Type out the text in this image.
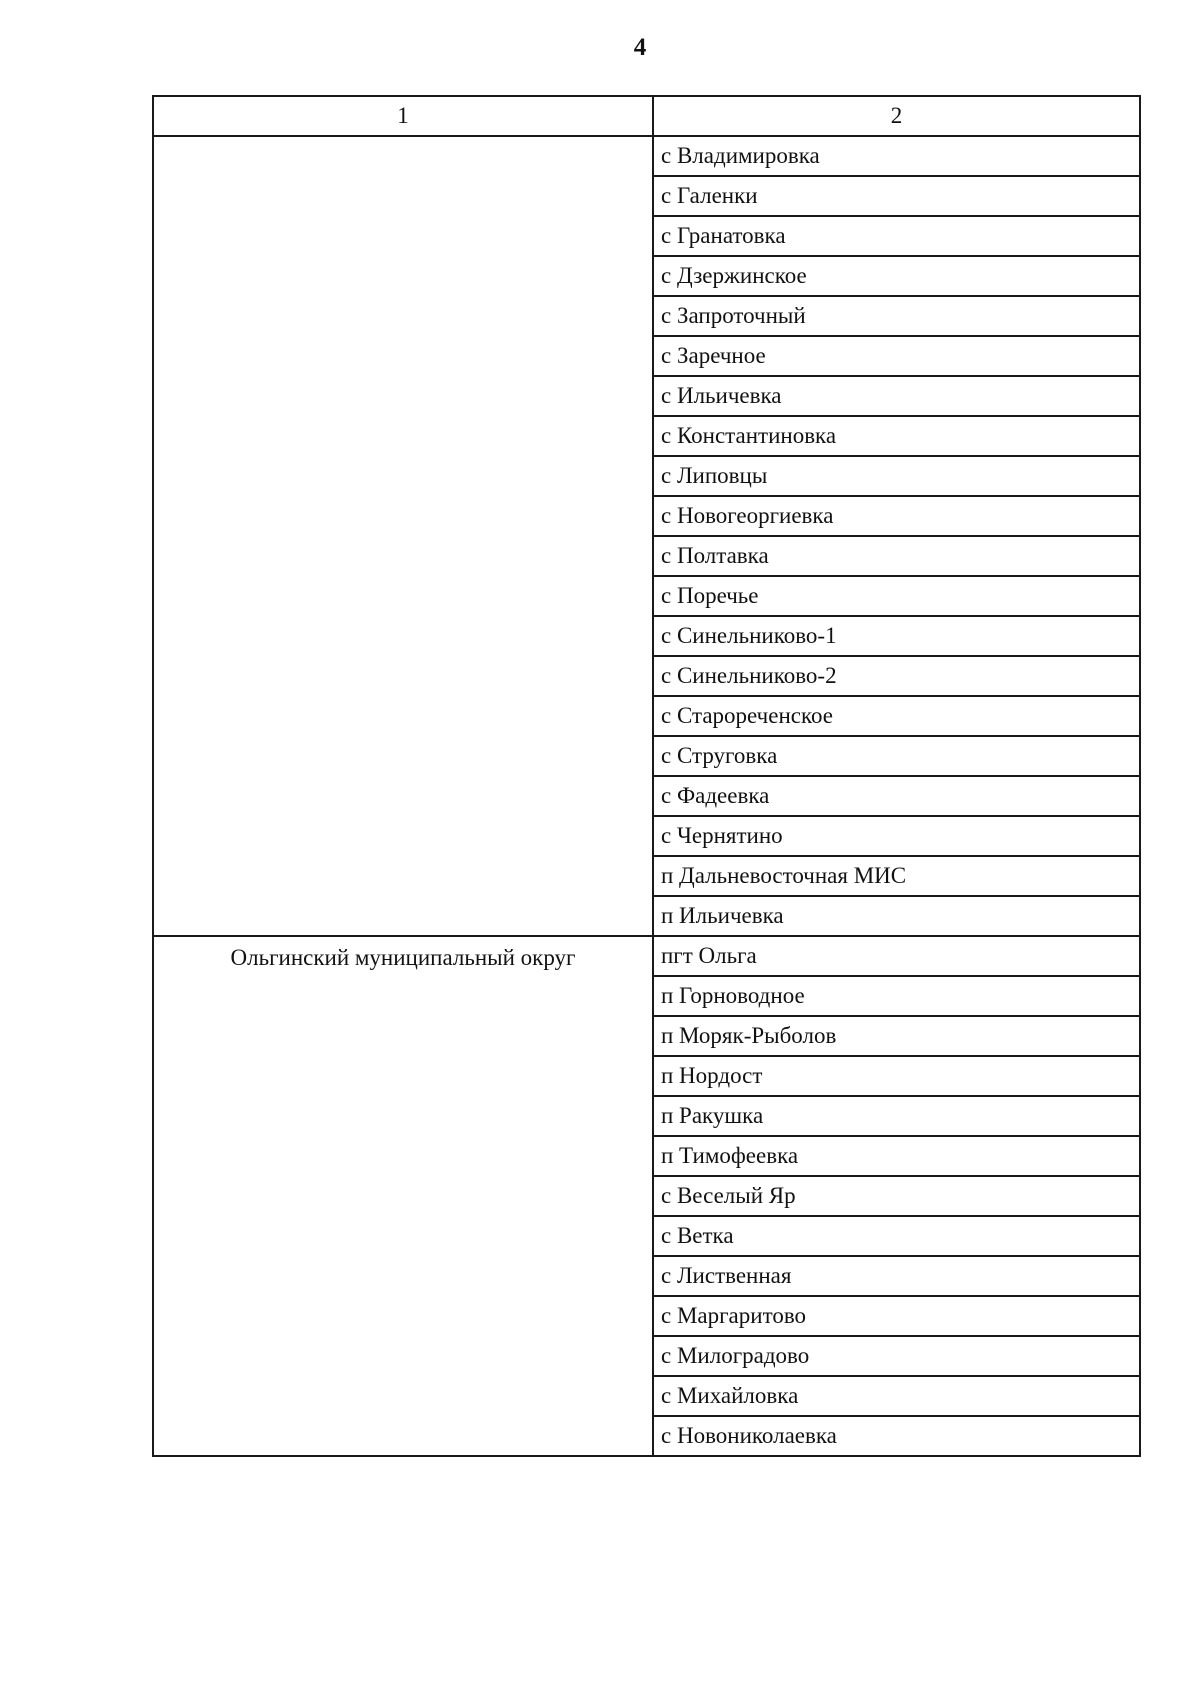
4
1	2

	с Владимировка
	с Галенки
	с Гранатовка
	с Дзержинское
	с Запроточный
	с Заречное
	с Ильичевка
	с Константиновка
	с Липовцы
	с Новогеоргиевка
	с Полтавка
	с Поречье
	с Синельниково-1
	с Синельниково-2
	с Старореченское
	с Струговка
	с Фадеевка
	с Чернятино
	п Дальневосточная МИС
	п Ильичевка

Ольгинский муниципальный округ	пгт Ольга
	п Горноводное
	п Моряк-Рыболов
	п Нордост
	п Ракушка
	п Тимофеевка
	с Веселый Яр
	с Ветка
	с Лиственная
	с Маргаритово
	с Милоградово
	с Михайловка
	с Новониколаевка
